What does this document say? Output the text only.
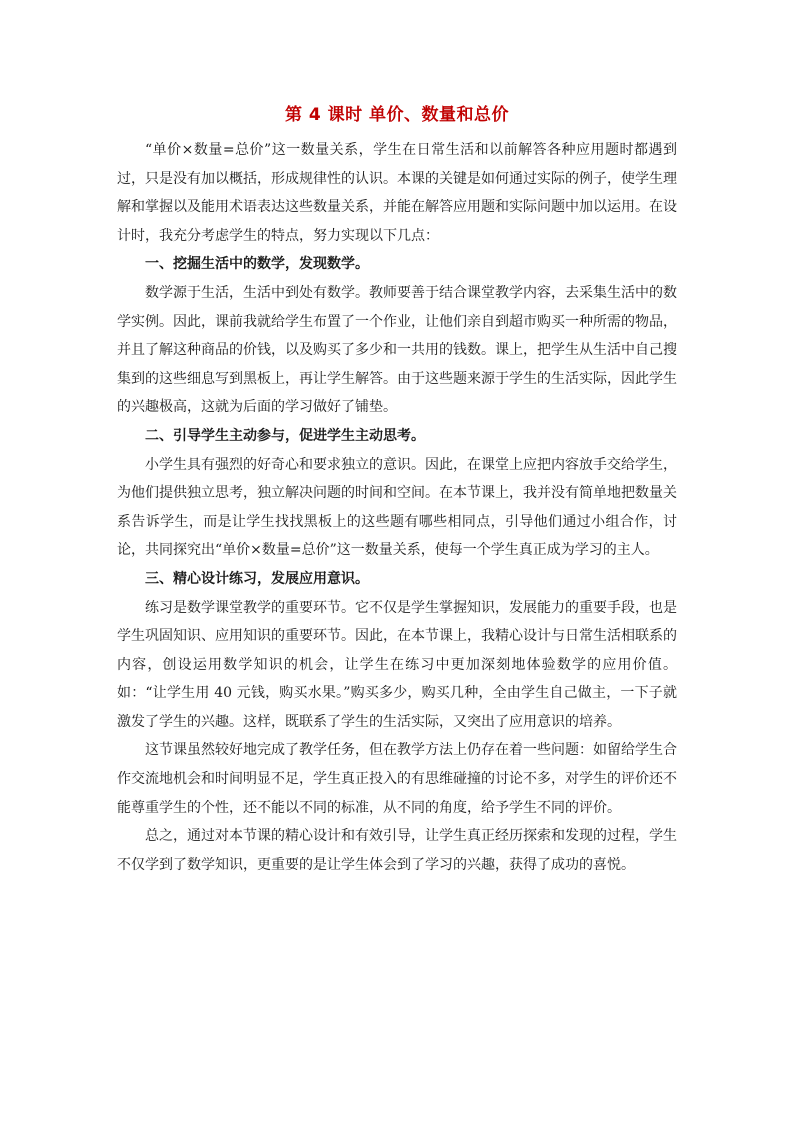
第 4 课时 单价、数量和总价

“单价×数量=总价”这一数量关系，学生在日常生活和以前解答各种应用题时都遇到过，只是没有加以概括，形成规律性的认识。本课的关键是如何通过实际的例子，使学生理解和掌握以及能用术语表达这些数量关系，并能在解答应用题和实际问题中加以运用。在设计时，我充分考虑学生的特点，努力实现以下几点：

一、挖掘生活中的数学，发现数学。

数学源于生活，生活中到处有数学。教师要善于结合课堂教学内容，去采集生活中的数学实例。因此，课前我就给学生布置了一个作业，让他们亲自到超市购买一种所需的物品，并且了解这种商品的价钱，以及购买了多少和一共用的钱数。课上，把学生从生活中自己搜集到的这些细息写到黑板上，再让学生解答。由于这些题来源于学生的生活实际，因此学生的兴趣极高，这就为后面的学习做好了铺垫。

二、引导学生主动参与，促进学生主动思考。

小学生具有强烈的好奇心和要求独立的意识。因此，在课堂上应把内容放手交给学生，为他们提供独立思考，独立解决问题的时间和空间。在本节课上，我并没有简单地把数量关系告诉学生，而是让学生找找黑板上的这些题有哪些相同点，引导他们通过小组合作，讨论，共同探究出“单价×数量=总价”这一数量关系，使每一个学生真正成为学习的主人。

三、精心设计练习，发展应用意识。

练习是数学课堂教学的重要环节。它不仅是学生掌握知识，发展能力的重要手段，也是学生巩固知识、应用知识的重要环节。因此，在本节课上，我精心设计与日常生活相联系的内容，创设运用数学知识的机会，让学生在练习中更加深刻地体验数学的应用价值。如：“让学生用 40 元钱，购买水果。”购买多少，购买几种，全由学生自己做主，一下子就激发了学生的兴趣。这样，既联系了学生的生活实际，又突出了应用意识的培养。

这节课虽然较好地完成了教学任务，但在教学方法上仍存在着一些问题：如留给学生合作交流地机会和时间明显不足，学生真正投入的有思维碰撞的讨论不多，对学生的评价还不能尊重学生的个性，还不能以不同的标准，从不同的角度，给予学生不同的评价。

总之，通过对本节课的精心设计和有效引导，让学生真正经历探索和发现的过程，学生不仅学到了数学知识，更重要的是让学生体会到了学习的兴趣，获得了成功的喜悦。
